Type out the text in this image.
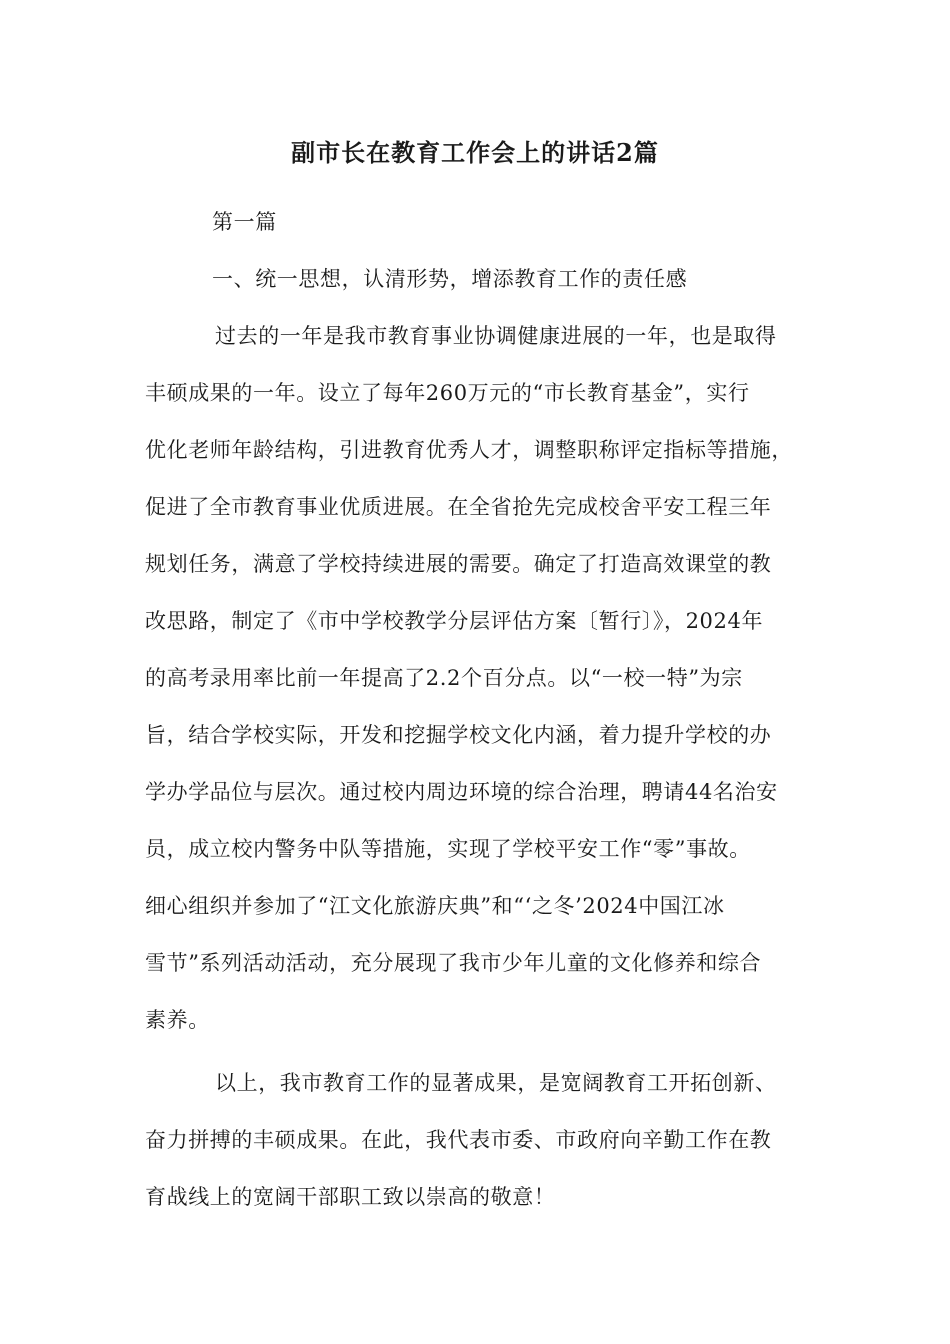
副市长在教育工作会上的讲话2篇

第一篇

一、统一思想，认清形势，增添教育工作的责任感

过去的一年是我市教育事业协调健康进展的一年，也是取得

丰硕成果的一年。设立了每年260万元的“市长教育基金”，实行

优化老师年龄结构，引进教育优秀人才，调整职称评定指标等措施，

促进了全市教育事业优质进展。在全省抢先完成校舍平安工程三年

规划任务，满意了学校持续进展的需要。确定了打造高效课堂的教

改思路，制定了《市中学校教学分层评估方案〔暂行〕》，2024年

的高考录用率比前一年提高了2.2个百分点。以“一校一特”为宗

旨，结合学校实际，开发和挖掘学校文化内涵，着力提升学校的办

学办学品位与层次。通过校内周边环境的综合治理，聘请44名治安

员，成立校内警务中队等措施，实现了学校平安工作“零”事故。

细心组织并参加了“江文化旅游庆典”和“‘之冬’2024中国江冰

雪节”系列活动活动，充分展现了我市少年儿童的文化修养和综合

素养。

以上，我市教育工作的显著成果，是宽阔教育工开拓创新、

奋力拼搏的丰硕成果。在此，我代表市委、市政府向辛勤工作在教

育战线上的宽阔干部职工致以崇高的敬意！
